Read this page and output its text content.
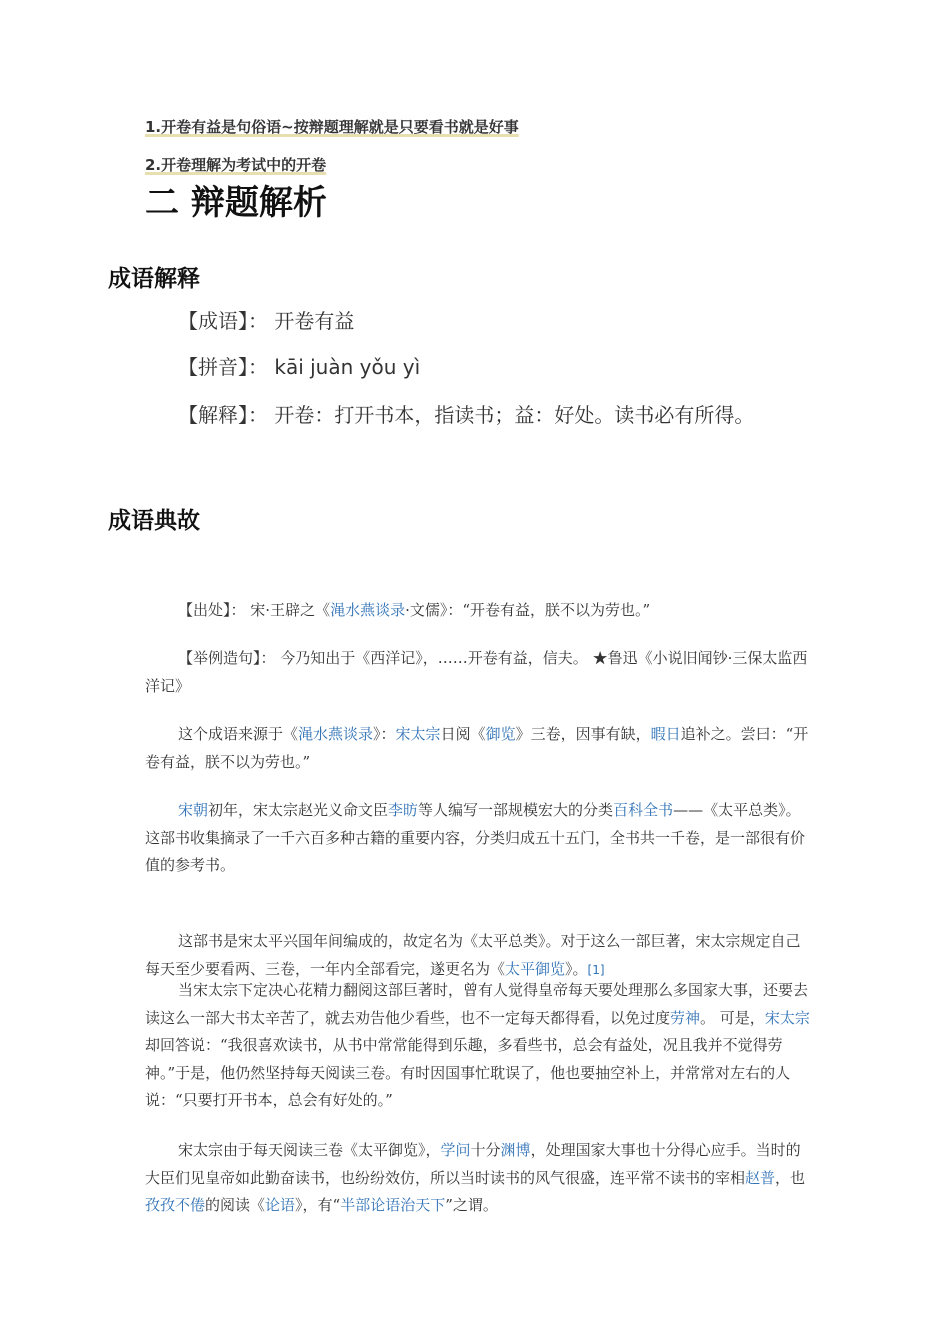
1.开卷有益是句俗语~按辩题理解就是只要看书就是好事
2.开卷理解为考试中的开卷
二 辩题解析
成语解释
【成语】： 开卷有益
【拼音】： kāi juàn yǒu yì
【解释】： 开卷：打开书本，指读书；益：好处。读书必有所得。
成语典故

【出处】： 宋·王辟之《渑水燕谈录·文儒》：“开卷有益，朕不以为劳也。”

【举例造句】： 今乃知出于《西洋记》，……开卷有益，信夫。 ★鲁迅《小说旧闻钞·三保太监西洋记》

这个成语来源于《渑水燕谈录》：宋太宗日阅《御览》三卷，因事有缺，暇日追补之。尝曰：“开卷有益，朕不以为劳也。”

宋朝初年，宋太宗赵光义命文臣李昉等人编写一部规模宏大的分类百科全书——《太平总类》。 这部书收集摘录了一千六百多种古籍的重要内容，分类归成五十五门，全书共一千卷，是一部很有价值的参考书。

这部书是宋太平兴国年间编成的，故定名为《太平总类》。对于这么一部巨著，宋太宗规定自己每天至少要看两、三卷，一年内全部看完，遂更名为《太平御览》。[1]

当宋太宗下定决心花精力翻阅这部巨著时，曾有人觉得皇帝每天要处理那么多国家大事，还要去读这么一部大书太辛苦了，就去劝告他少看些，也不一定每天都得看，以免过度劳神。 可是，宋太宗却回答说：“我很喜欢读书，从书中常常能得到乐趣，多看些书，总会有益处，况且我并不觉得劳神。”于是，他仍然坚持每天阅读三卷。有时因国事忙耽误了，他也要抽空补上，并常常对左右的人说：“只要打开书本，总会有好处的。”

宋太宗由于每天阅读三卷《太平御览》，学问十分渊博，处理国家大事也十分得心应手。当时的大臣们见皇帝如此勤奋读书，也纷纷效仿，所以当时读书的风气很盛，连平常不读书的宰相赵普，也孜孜不倦的阅读《论语》，有“半部论语治天下”之谓。
